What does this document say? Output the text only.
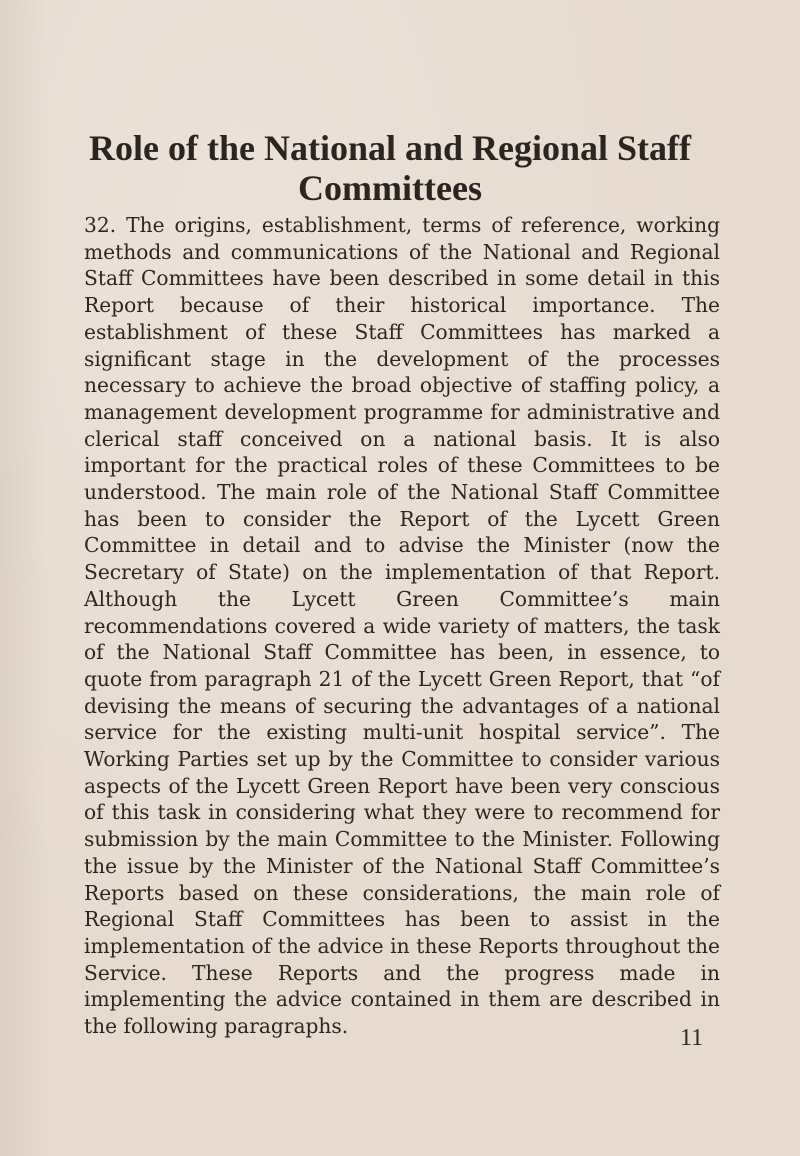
Role of the National and Regional Staff
Committees

32. The origins, establishment, terms of reference, working methods and communications of the National and Regional Staff Committees have been described in some detail in this Report because of their historical importance. The establishment of these Staff Committees has marked a significant stage in the development of the processes necessary to achieve the broad objective of staffing policy, a management development programme for administrative and clerical staff conceived on a national basis. It is also important for the practical roles of these Committees to be understood. The main role of the National Staff Committee has been to consider the Report of the Lycett Green Committee in detail and to advise the Minister (now the Secretary of State) on the implementation of that Report. Although the Lycett Green Committee’s main recommendations covered a wide variety of matters, the task of the National Staff Committee has been, in essence, to quote from paragraph 21 of the Lycett Green Report, that “of devising the means of securing the advantages of a national service for the existing multi-unit hospital service”. The Working Parties set up by the Committee to consider various aspects of the Lycett Green Report have been very conscious of this task in considering what they were to recommend for submission by the main Committee to the Minister. Following the issue by the Minister of the National Staff Committee’s Reports based on these considerations, the main role of Regional Staff Committees has been to assist in the implementation of the advice in these Reports throughout the Service. These Reports and the progress made in implementing the advice contained in them are described in the following paragraphs.	11
